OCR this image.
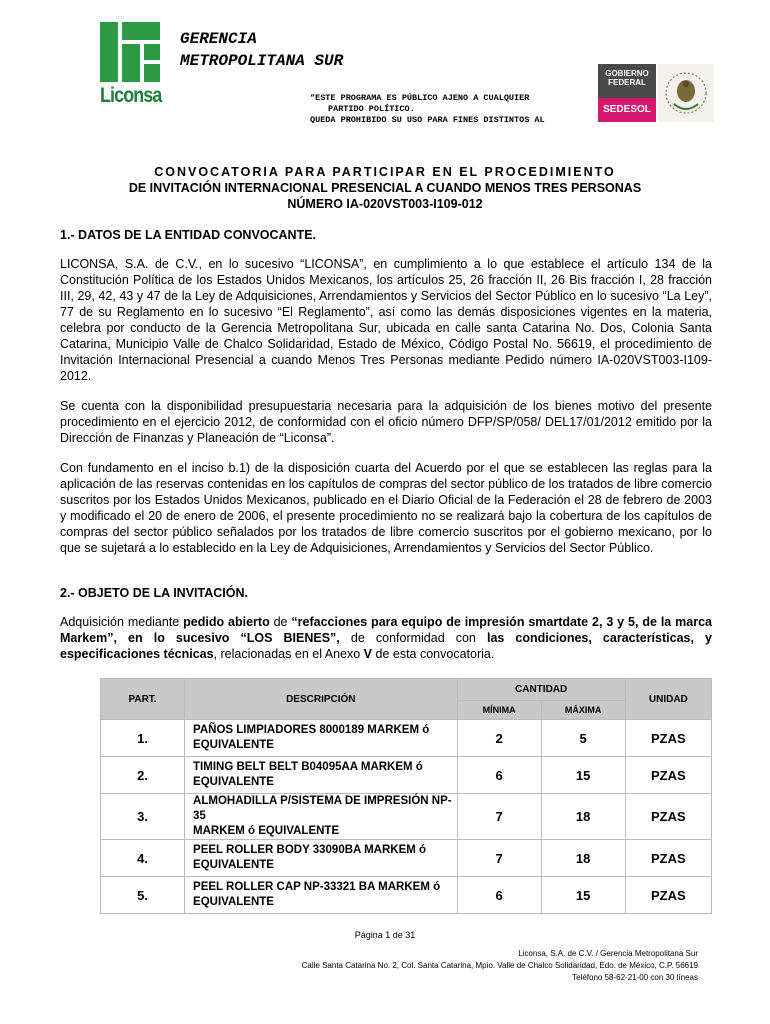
Liconsa
GERENCIA
METROPOLITANA SUR
“ESTE PROGRAMA ES PÚBLICO AJENO A CUALQUIER
PARTIDO POLÍTICO.
QUEDA PROHIBIDO SU USO PARA FINES DISTINTOS AL
GOBIERNO
FEDERAL
SEDESOL
CONVOCATORIA PARA PARTICIPAR EN EL PROCEDIMIENTO
DE INVITACIÓN INTERNACIONAL PRESENCIAL A CUANDO MENOS TRES PERSONAS
NÚMERO IA-020VST003-I109-012
1.- DATOS DE LA ENTIDAD CONVOCANTE.
LICONSA, S.A. de C.V., en lo sucesivo “LICONSA”, en cumplimiento a lo que establece el artículo 134 de la Constitución Política de los Estados Unidos Mexicanos, los artículos 25, 26 fracción II, 26 Bis fracción I, 28 fracción III, 29, 42, 43 y 47 de la Ley de Adquisiciones, Arrendamientos y Servicios del Sector Público en lo sucesivo “La Ley”, 77 de su Reglamento en lo sucesivo “El Reglamento”, así como las demás disposiciones vigentes en la materia, celebra por conducto de la Gerencia Metropolitana Sur, ubicada en calle santa Catarina No. Dos, Colonia Santa Catarina, Municipio Valle de Chalco Solidaridad, Estado de México, Código Postal No. 56619, el procedimiento de Invitación Internacional Presencial a cuando Menos Tres Personas mediante Pedido número IA-020VST003-I109-2012.
Se cuenta con la disponibilidad presupuestaria necesaria para la adquisición de los bienes motivo del presente procedimiento en el ejercicio 2012, de conformidad con el oficio número DFP/SP/058/ DEL17/01/2012 emitido por la Dirección de Finanzas y Planeación de “Liconsa”.
Con fundamento en el inciso b.1) de la disposición cuarta del Acuerdo por el que se establecen las reglas para la aplicación de las reservas contenidas en los capítulos de compras del sector público de los tratados de libre comercio suscritos por los Estados Unidos Mexicanos, publicado en el Diario Oficial de la Federación el 28 de febrero de 2003 y modificado el 20 de enero de 2006, el presente procedimiento no se realizará bajo la cobertura de los capítulos de compras del sector público señalados por los tratados de libre comercio suscritos por el gobierno mexicano, por lo que se sujetará a lo establecido en la Ley de Adquisiciones, Arrendamientos y Servicios del Sector Público.
2.- OBJETO DE LA INVITACIÓN.
Adquisición mediante pedido abierto de “refacciones para equipo de impresión smartdate 2, 3 y 5, de la marca Markem”, en lo sucesivo “LOS BIENES”, de conformidad con las condiciones, características, y especificaciones técnicas, relacionadas en el Anexo V de esta convocatoria.
PART.	DESCRIPCIÓN	CANTIDAD		UNIDAD
		MÍNIMA	MÁXIMA	
1.	PAÑOS LIMPIADORES 8000189 MARKEM ó
EQUIVALENTE	2	5	PZAS
2.	TIMING BELT BELT B04095AA MARKEM ó
EQUIVALENTE	6	15	PZAS
3.	ALMOHADILLA P/SISTEMA DE IMPRESIÓN NP-35
MARKEM ó EQUIVALENTE	7	18	PZAS
4.	PEEL ROLLER BODY 33090BA MARKEM ó
EQUIVALENTE	7	18	PZAS
5.	PEEL ROLLER CAP NP-33321 BA MARKEM ó
EQUIVALENTE	6	15	PZAS
Página 1 de 31
Liconsa, S.A. de C.V. / Gerencia Metropolitana Sur
Calle Santa Catarina No. 2, Col. Santa Catarina, Mpio. Valle de Chalco Solidaridad, Edo. de México, C.P. 56619
Teléfono 58-62-21-00 con 30 líneas
